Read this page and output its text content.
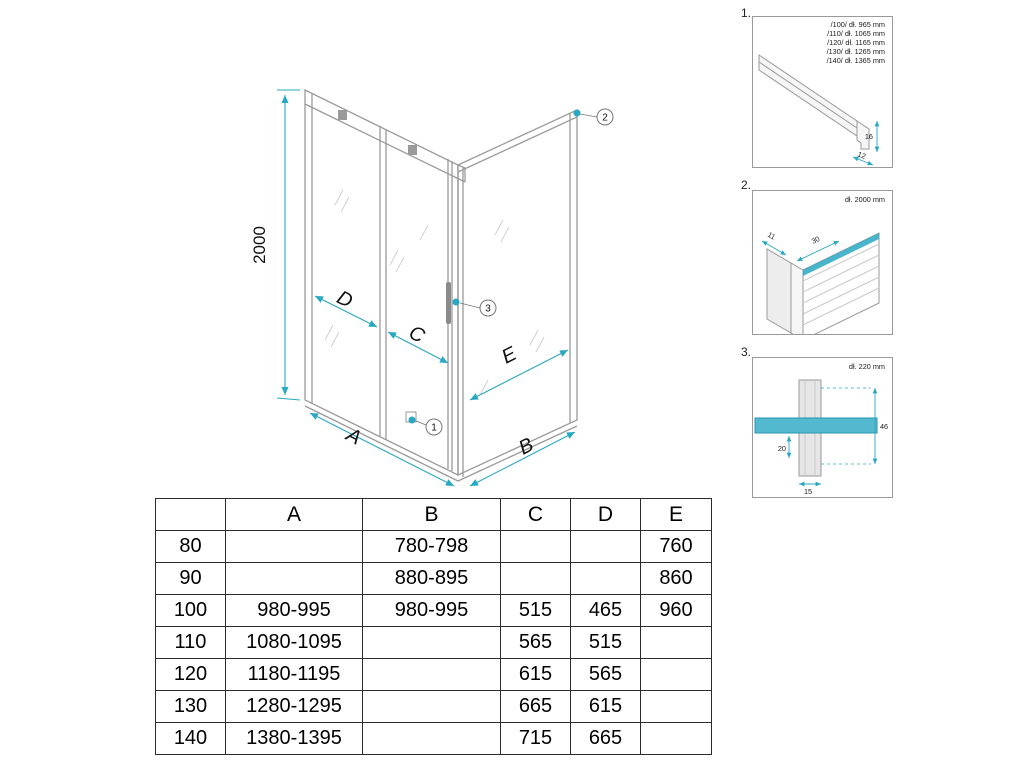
2000
D
C
E
A	B
2
3
1
1.
/100/ dł. 965 mm
/110/ dł. 1065 mm
/120/ dł. 1165 mm
/130/ dł. 1265 mm
/140/ dł. 1365 mm
16
12
2.
dł. 2000 mm
11	30
3.
dł. 220 mm
46
20
15
	A	B	C	D	E
80		780-798			760
90		880-895			860
100	980-995	980-995	515	465	960
110	1080-1095		565	515	
120	1180-1195		615	565	
130	1280-1295		665	615	
140	1380-1395		715	665	
